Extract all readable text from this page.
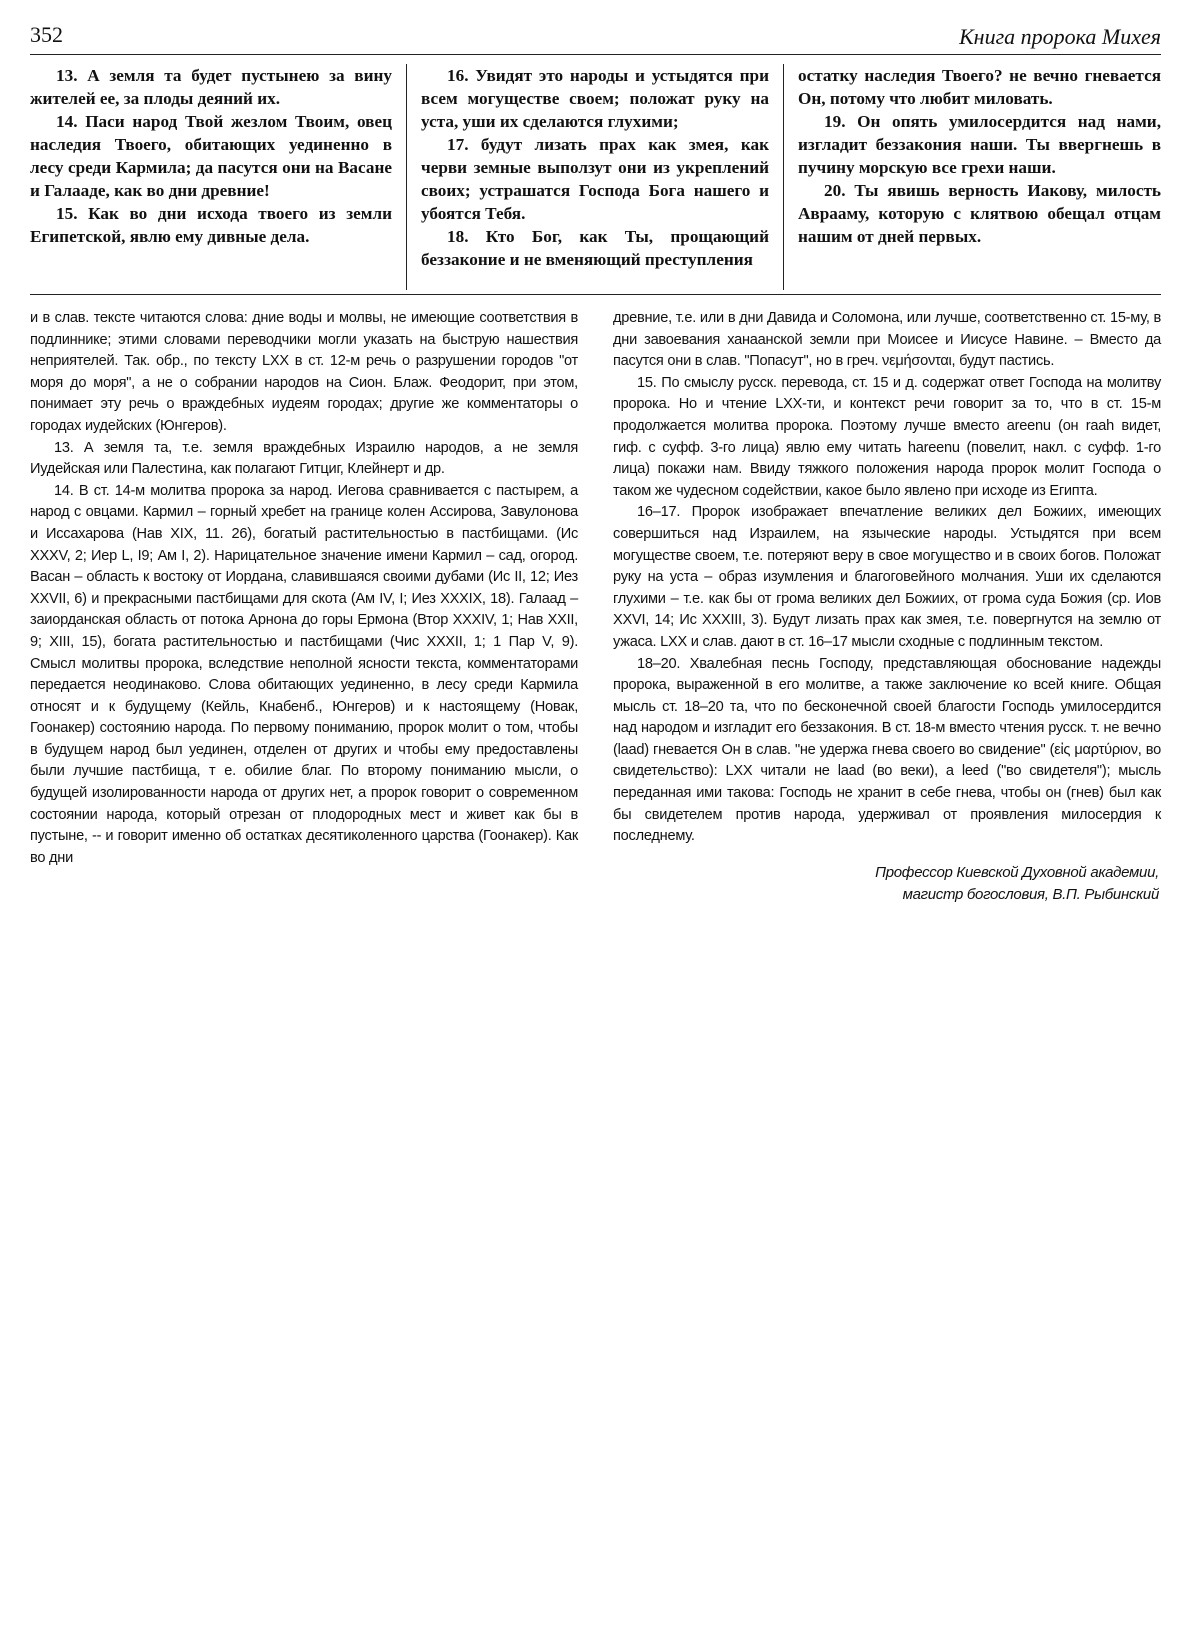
352	Книга пророка Михея

13. А земля та будет пустынею за вину жителей ее, за плоды деяний их.

14. Паси народ Твой жезлом Твоим, овец наследия Твоего, обитающих уединенно в лесу среди Кармила; да пасутся они на Васане и Галааде, как во дни древние!

15. Как во дни исхода твоего из земли Египетской, явлю ему дивные дела.

16. Увидят это народы и устыдятся при всем могуществе своем; положат руку на уста, уши их сделаются глухими;

17. будут лизать прах как змея, как черви земные выползут они из укреплений своих; устрашатся Господа Бога нашего и убоятся Тебя.

18. Кто Бог, как Ты, прощающий беззаконие и не вменяющий преступления

остатку наследия Твоего? не вечно гневается Он, потому что любит миловать.

19. Он опять умилосердится над нами, изгладит беззакония наши. Ты ввергнешь в пучину морскую все грехи наши.

20. Ты явишь верность Иакову, милость Аврааму, которую с клятвою обещал отцам нашим от дней первых.

и в слав. тексте читаются слова: дние воды и молвы, не имеющие соответствия в подлиннике; этими словами переводчики могли указать на быструю нашествия неприятелей. Так. обр., по тексту LXX в ст. 12-м речь о разрушении городов "от моря до моря", а не о собрании народов на Сион. Блаж. Феодорит, при этом, понимает эту речь о враждебных иудеям городах; другие же комментаторы о городах иудейских (Юнгеров).

13. А земля та, т.е. земля враждебных Израилю народов, а не земля Иудейская или Палестина, как полагают Гитциг, Клейнерт и др.

14. В ст. 14-м молитва пророка за народ. Иегова сравнивается с пастырем, а народ с овцами. Кармил – горный хребет на границе колен Ассирова, Завулонова и Иссахарова (Нав XIX, 11. 26), богатый растительностью в пастбищами. (Ис XXXV, 2; Иер L, I9; Ам I, 2). Нарицательное значение имени Кармил – сад, огород. Васан – область к востоку от Иордана, славившаяся своими дубами (Ис II, 12; Иез XXVII, 6) и прекрасными пастбищами для скота (Ам IV, I; Иез XXXIX, 18). Галаад – заиорданская область от потока Арнона до горы Ермона (Втор XXXIV, 1; Нав XXII, 9; XIII, 15), богата растительностью и пастбищами (Чис XXXII, 1; 1 Пар V, 9). Смысл молитвы пророка, вследствие неполной ясности текста, комментаторами передается неодинаково. Слова обитающих уединенно, в лесу среди Кармила относят и к будущему (Кейль, Кнабенб., Юнгеров) и к настоящему (Новак, Гоонакер) состоянию народа. По первому пониманию, пророк молит о том, чтобы в будущем народ был уединен, отделен от других и чтобы ему предоставлены были лучшие пастбища, т е. обилие благ. По второму пониманию мысли, о будущей изолированности народа от других нет, а пророк говорит о современном состоянии народа, который отрезан от плодородных мест и живет как бы в пустыне, -- и говорит именно об остатках десятиколенного царства (Гоонакер). Как во дни

древние, т.е. или в дни Давида и Соломона, или лучше, соответственно ст. 15-му, в дни завоевания ханаанской земли при Моисее и Иисусе Навине. – Вместо да пасутся они в слав. "Попасут", но в греч. νεμήσονται, будут пастись.

15. По смыслу русск. перевода, ст. 15 и д. содержат ответ Господа на молитву пророка. Но и чтение LXX-ти, и контекст речи говорит за то, что в ст. 15-м продолжается молитва пророка. Поэтому лучше вместо areenu (он raah видет, гиф. с суфф. 3-го лица) явлю ему читать hareenu (повелит, накл. с суфф. 1-го лица) покажи нам. Ввиду тяжкого положения народа пророк молит Господа о таком же чудесном содействии, какое было явлено при исходе из Египта.

16–17. Пророк изображает впечатление великих дел Божиих, имеющих совершиться над Израилем, на языческие народы. Устыдятся при всем могуществе своем, т.е. потеряют веру в свое могущество и в своих богов. Положат руку на уста – образ изумления и благоговейного молчания. Уши их сделаются глухими – т.е. как бы от грома великих дел Божиих, от грома суда Божия (ср. Иов XXVI, 14; Ис XXXIII, 3). Будут лизать прах как змея, т.е. повергнутся на землю от ужаса. LXX и слав. дают в ст. 16–17 мысли сходные с подлинным текстом.

18–20. Хвалебная песнь Господу, представляющая обоснование надежды пророка, выраженной в его молитве, а также заключение ко всей книге. Общая мысль ст. 18–20 та, что по бесконечной своей благости Господь умилосердится над народом и изгладит его беззакония. В ст. 18-м вместо чтения русск. т. не вечно (laad) гневается Он в слав. "не удержа гнева своего во свидение" (εἰς μαρτύριον, во свидетельство): LXX читали не laad (во веки), a leed ("во свидетеля"); мысль переданная ими такова: Господь не хранит в себе гнева, чтобы он (гнев) был как бы свидетелем против народа, удерживал от проявления милосердия к последнему.

Профессор Киевской Духовной академии,
магистр богословия, В.П. Рыбинский
